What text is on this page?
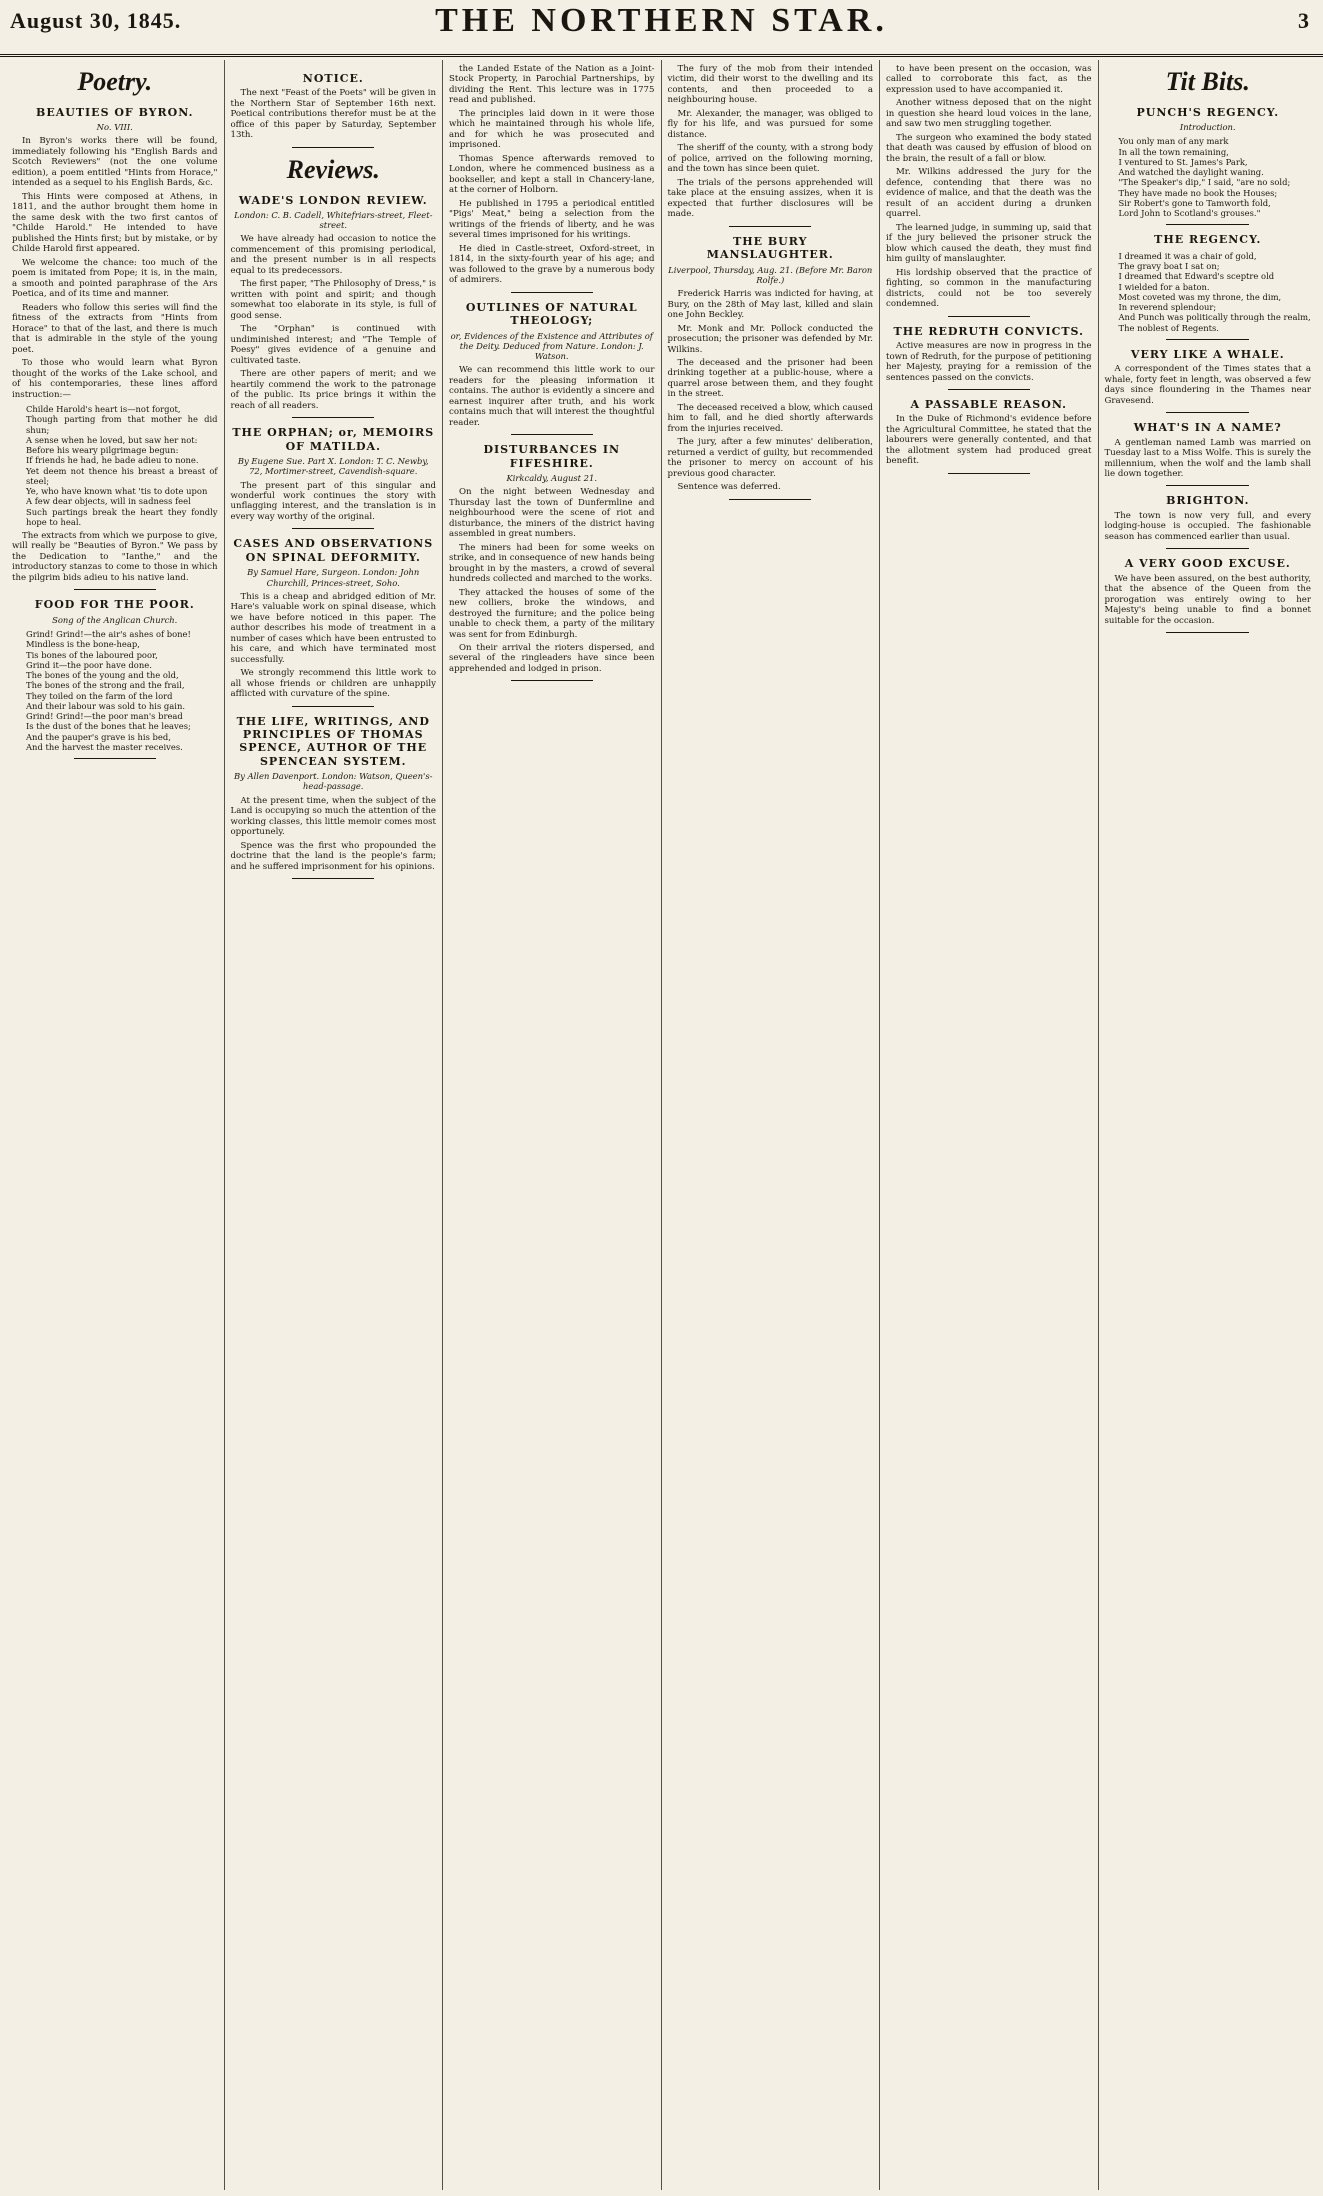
August 30, 1845.	THE NORTHERN STAR.	3
Poetry.
BEAUTIES OF BYRON.
No. VIII.

In Byron's works there will be found, immediately following his "English Bards and Scotch Reviewers" (not the one volume edition), a poem entitled "Hints from Horace," intended as a sequel to his English Bards, &c.

This Hints were composed at Athens, in 1811, and the author brought them home in the same desk with the two first cantos of "Childe Harold." He intended to have published the Hints first; but by mistake, or by Childe Harold first appeared.

We welcome the chance: too much of the poem is imitated from Pope; it is, in the main, a smooth and pointed paraphrase of the Ars Poetica, and of its time and manner.

Readers who follow this series will find the fitness of the extracts from "Hints from Horace" to that of the last, and there is much that is admirable in the style of the young poet.

To those who would learn what Byron thought of the works of the Lake school, and of his contemporaries, these lines afford instruction:—

Childe Harold's heart is—not forgot,
Though parting from that mother he did shun;
A sense when he loved, but saw her not:
Before his weary pilgrimage begun:
If friends he had, he bade adieu to none.
Yet deem not thence his breast a breast of steel;
Ye, who have known what 'tis to dote upon
A few dear objects, will in sadness feel
Such partings break the heart they fondly hope to heal.

The extracts from which we purpose to give, will really be "Beauties of Byron." We pass by the Dedication to "Ianthe," and the introductory stanzas to come to those in which the pilgrim bids adieu to his native land.

FOOD FOR THE POOR.
Song of the Anglican Church.
Grind! Grind!—the air's ashes of bone!
Mindless is the bone-heap,
Tis bones of the laboured poor,
Grind it—the poor have done.
The bones of the young and the old,
The bones of the strong and the frail,
They toiled on the farm of the lord
And their labour was sold to his gain.
Grind! Grind!—the poor man's bread
Is the dust of the bones that he leaves;
And the pauper's grave is his bed,
And the harvest the master receives.
NOTICE.

The next "Feast of the Poets" will be given in the Northern Star of September 16th next. Poetical contributions therefor must be at the office of this paper by Saturday, September 13th.

Reviews.
WADE'S LONDON REVIEW.
London: C. B. Cadell, Whitefriars-street, Fleet-street.

We have already had occasion to notice the commencement of this promising periodical, and the present number is in all respects equal to its predecessors.

The first paper, "The Philosophy of Dress," is written with point and spirit; and though somewhat too elaborate in its style, is full of good sense.

The "Orphan" is continued with undiminished interest; and "The Temple of Poesy" gives evidence of a genuine and cultivated taste.

There are other papers of merit; and we heartily commend the work to the patronage of the public. Its price brings it within the reach of all readers.

THE ORPHAN; or, MEMOIRS OF MATILDA.
By Eugene Sue. Part X. London: T. C. Newby, 72, Mortimer-street, Cavendish-square.

The present part of this singular and wonderful work continues the story with unflagging interest, and the translation is in every way worthy of the original.

CASES AND OBSERVATIONS ON SPINAL DEFORMITY.
By Samuel Hare, Surgeon. London: John Churchill, Princes-street, Soho.

This is a cheap and abridged edition of Mr. Hare's valuable work on spinal disease, which we have before noticed in this paper. The author describes his mode of treatment in a number of cases which have been entrusted to his care, and which have terminated most successfully.

We strongly recommend this little work to all whose friends or children are unhappily afflicted with curvature of the spine.

THE LIFE, WRITINGS, AND PRINCIPLES OF THOMAS SPENCE, AUTHOR OF THE SPENCEAN SYSTEM.
By Allen Davenport. London: Watson, Queen's-head-passage.

At the present time, when the subject of the Land is occupying so much the attention of the working classes, this little memoir comes most opportunely.

Spence was the first who propounded the doctrine that the land is the people's farm; and he suffered imprisonment for his opinions.

the Landed Estate of the Nation as a Joint-Stock Property, in Parochial Partnerships, by dividing the Rent. This lecture was in 1775 read and published.

The principles laid down in it were those which he maintained through his whole life, and for which he was prosecuted and imprisoned.

Thomas Spence afterwards removed to London, where he commenced business as a bookseller, and kept a stall in Chancery-lane, at the corner of Holborn.

He published in 1795 a periodical entitled "Pigs' Meat," being a selection from the writings of the friends of liberty, and he was several times imprisoned for his writings.

He died in Castle-street, Oxford-street, in 1814, in the sixty-fourth year of his age; and was followed to the grave by a numerous body of admirers.

OUTLINES OF NATURAL THEOLOGY;
or, Evidences of the Existence and Attributes of the Deity. Deduced from Nature. London: J. Watson.

We can recommend this little work to our readers for the pleasing information it contains. The author is evidently a sincere and earnest inquirer after truth, and his work contains much that will interest the thoughtful reader.

DISTURBANCES IN FIFESHIRE.
Kirkcaldy, August 21.

On the night between Wednesday and Thursday last the town of Dunfermline and neighbourhood were the scene of riot and disturbance, the miners of the district having assembled in great numbers.

The miners had been for some weeks on strike, and in consequence of new hands being brought in by the masters, a crowd of several hundreds collected and marched to the works.

They attacked the houses of some of the new colliers, broke the windows, and destroyed the furniture; and the police being unable to check them, a party of the military was sent for from Edinburgh.

On their arrival the rioters dispersed, and several of the ringleaders have since been apprehended and lodged in prison.

The fury of the mob from their intended victim, did their worst to the dwelling and its contents, and then proceeded to a neighbouring house.

Mr. Alexander, the manager, was obliged to fly for his life, and was pursued for some distance.

The sheriff of the county, with a strong body of police, arrived on the following morning, and the town has since been quiet.

The trials of the persons apprehended will take place at the ensuing assizes, when it is expected that further disclosures will be made.

THE BURY MANSLAUGHTER.
Liverpool, Thursday, Aug. 21. (Before Mr. Baron Rolfe.)

Frederick Harris was indicted for having, at Bury, on the 28th of May last, killed and slain one John Beckley.

Mr. Monk and Mr. Pollock conducted the prosecution; the prisoner was defended by Mr. Wilkins.

The deceased and the prisoner had been drinking together at a public-house, where a quarrel arose between them, and they fought in the street.

The deceased received a blow, which caused him to fall, and he died shortly afterwards from the injuries received.

The jury, after a few minutes' deliberation, returned a verdict of guilty, but recommended the prisoner to mercy on account of his previous good character.

Sentence was deferred.

to have been present on the occasion, was called to corroborate this fact, as the expression used to have accompanied it.

Another witness deposed that on the night in question she heard loud voices in the lane, and saw two men struggling together.

The surgeon who examined the body stated that death was caused by effusion of blood on the brain, the result of a fall or blow.

Mr. Wilkins addressed the jury for the defence, contending that there was no evidence of malice, and that the death was the result of an accident during a drunken quarrel.

The learned judge, in summing up, said that if the jury believed the prisoner struck the blow which caused the death, they must find him guilty of manslaughter.

His lordship observed that the practice of fighting, so common in the manufacturing districts, could not be too severely condemned.

THE REDRUTH CONVICTS.

Active measures are now in progress in the town of Redruth, for the purpose of petitioning her Majesty, praying for a remission of the sentences passed on the convicts.

A PASSABLE REASON.

In the Duke of Richmond's evidence before the Agricultural Committee, he stated that the labourers were generally contented, and that the allotment system had produced great benefit.

Tit Bits.
PUNCH'S REGENCY.
Introduction.
You only man of any mark
In all the town remaining,
I ventured to St. James's Park,
And watched the daylight waning.
"The Speaker's dip," I said, "are no sold;
They have made no book the Houses;
Sir Robert's gone to Tamworth fold,
Lord John to Scotland's grouses."
THE REGENCY.
I dreamed it was a chair of gold,
The gravy boat I sat on;
I dreamed that Edward's sceptre old
I wielded for a baton.
Most coveted was my throne, the dim,
In reverend splendour;
And Punch was politically through the realm,
The noblest of Regents.
VERY LIKE A WHALE.

A correspondent of the Times states that a whale, forty feet in length, was observed a few days since floundering in the Thames near Gravesend.

WHAT'S IN A NAME?

A gentleman named Lamb was married on Tuesday last to a Miss Wolfe. This is surely the millennium, when the wolf and the lamb shall lie down together.

BRIGHTON.

The town is now very full, and every lodging-house is occupied. The fashionable season has commenced earlier than usual.

A VERY GOOD EXCUSE.

We have been assured, on the best authority, that the absence of the Queen from the prorogation was entirely owing to her Majesty's being unable to find a bonnet suitable for the occasion.
